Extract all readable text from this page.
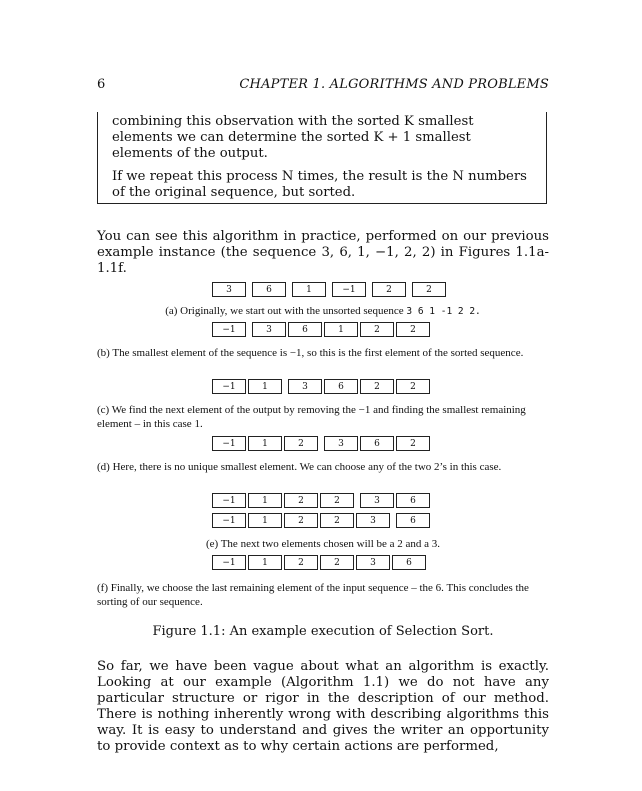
6	CHAPTER 1. ALGORITHMS AND PROBLEMS

combining this observation with the sorted K smallest elements we can determine the sorted K + 1 smallest elements of the output.

If we repeat this process N times, the result is the N numbers of the original sequence, but sorted.

You can see this algorithm in practice, performed on our previous example instance (the sequence 3, 6, 1, −1, 2, 2) in Figures 1.1a-1.1f.

3	6	1	−1	2	2
(a) Originally, we start out with the unsorted sequence 3 6 1 -1 2 2.
−1	3	6	1	2	2
(b) The smallest element of the sequence is −1, so this is the first element of the sorted sequence.
−1	1	3	6	2	2
(c) We find the next element of the output by removing the −1 and finding the smallest remaining element – in this case 1.
−1	1	2	3	6	2
(d) Here, there is no unique smallest element. We can choose any of the two 2’s in this case.
−1	1	2	2	3	6
−1	1	2	2	3	6
(e) The next two elements chosen will be a 2 and a 3.
−1	1	2	2	3	6
(f) Finally, we choose the last remaining element of the input sequence – the 6. This concludes the sorting of our sequence.
Figure 1.1: An example execution of Selection Sort.

So far, we have been vague about what an algorithm is exactly. Looking at our example (Algorithm 1.1) we do not have any particular structure or rigor in the description of our method. There is nothing inherently wrong with describing algorithms this way. It is easy to understand and gives the writer an opportunity to provide context as to why certain actions are performed,
